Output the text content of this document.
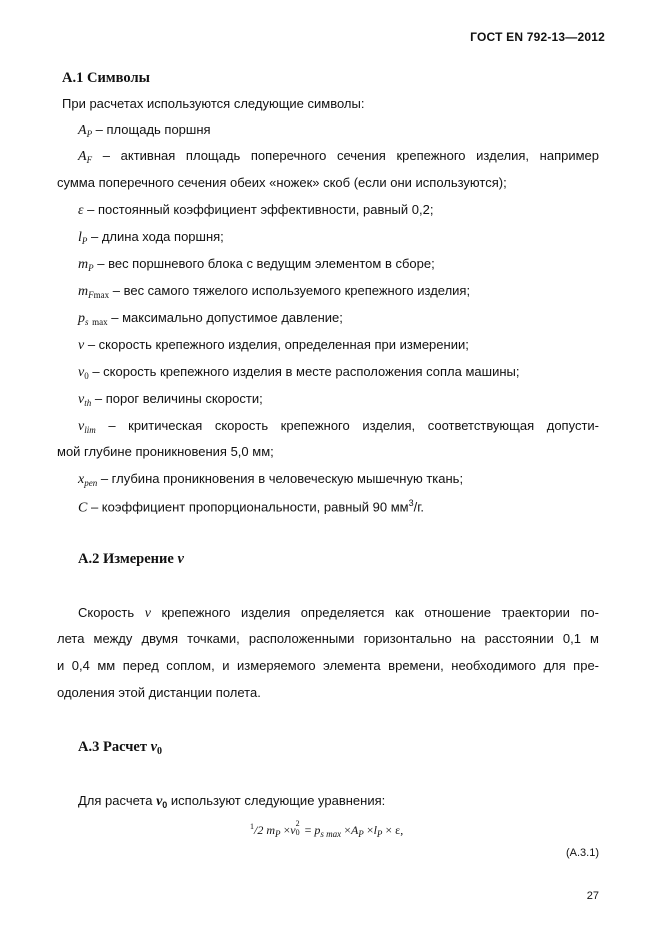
ГОСТ EN 792-13—2012
А.1 Символы
При расчетах используются следующие символы:
$A_P$ – площадь поршня
$A_F$ – активная площадь поперечного сечения крепежного изделия, например
сумма поперечного сечения обеих «ножек» скоб (если они используются);
ε – постоянный коэффициент эффективности, равный 0,2;
$l_P$ – длина хода поршня;
$m_P$ – вес поршневого блока с ведущим элементом в сборе;
$m_{Fmax}$ – вес самого тяжелого используемого крепежного изделия;
$p_s$ $_{max}$ – максимально допустимое давление;
v – скорость крепежного изделия, определенная при измерении;
$v_0$ – скорость крепежного изделия в месте расположения сопла машины;
$v_{th}$ – порог величины скорости;
$v_{lim}$ – критическая скорость крепежного изделия, соответствующая допусти-
мой глубине проникновения 5,0 мм;
$x_{pen}$ – глубина проникновения в человеческую мышечную ткань;
C – коэффициент пропорциональности, равный 90 $мм^3/г$.
А.2 Измерение v
Скорость v крепежного изделия определяется как отношение траектории по-
лета между двумя точками, расположенными горизонтально на расстоянии 0,1 м
и 0,4 мм перед соплом, и измеряемого элемента времени, необходимого для пре-
одоления этой дистанции полета.
А.3 Расчет $v_0$
Для расчета $v_0$ используют следующие уравнения:
$^1$/2 $m_P \times v$ 2
$0 = p_{s max} \times A_P \times l_P \times \varepsilon$,
(А.3.1)
27
